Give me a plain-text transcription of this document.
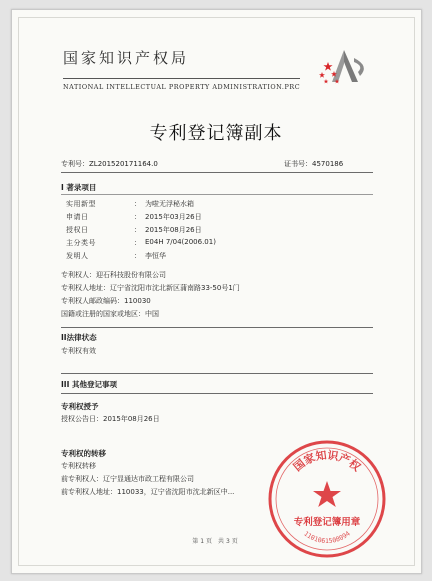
国家知识产权局
NATIONAL INTELLECTUAL PROPERTY ADMINISTRATION.PRC
专利登记簿副本
专利号：ZL201520171164.0	证书号：4570186
I 著录项目
实用新型	： 为啦无浮秘水箱
申请日	： 2015年03月26日
授权日	： 2015年08月26日
主分类号	： E04H 7/04(2006.01)
发明人	： 李恒华
专利权人：迎石科技股份有限公司
专利权人地址：辽宁省沈阳市沈北新区蒲南路33-50号1门
专利权人邮政编码：110030
国籍或注册的国家或地区：中国
II法律状态
专利权有效
III 其他登记事项
专利权授予
授权公告日：2015年08月26日
专利权的转移
专利权转移
前专利权人：辽宁显通达市政工程有限公司
前专利权人地址：110033，辽宁省沈阳市沈北新区中...
第1页 共3页
国家知识产权
专利登记簿用章
1101061508094
